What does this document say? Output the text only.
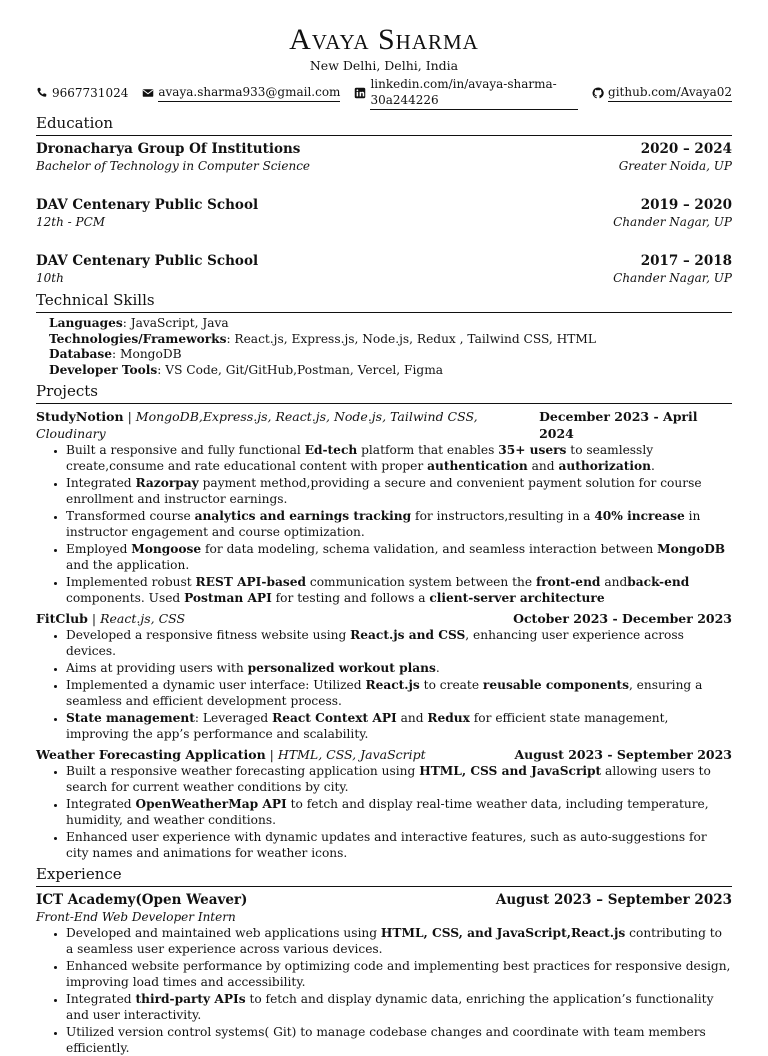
Avaya Sharma
New Delhi, Delhi, India
9667731024	avaya.sharma933@gmail.com
linkedin.com/in/avaya-sharma-30a244226
github.com/Avaya02
Education
Dronacharya Group Of Institutions	2020 – 2024
Bachelor of Technology in Computer Science	Greater Noida, UP
DAV Centenary Public School	2019 – 2020
12th - PCM	Chander Nagar, UP
DAV Centenary Public School	2017 – 2018
10th	Chander Nagar, UP
Technical Skills
Languages: JavaScript, Java
Technologies/Frameworks: React.js, Express.js, Node.js, Redux , Tailwind CSS, HTML
Database: MongoDB
Developer Tools: VS Code, Git/GitHub,Postman, Vercel, Figma
Projects
StudyNotion | MongoDB,Express.js, React.js, Node.js, Tailwind CSS, Cloudinary
December 2023 - April 2024
• Built a responsive and fully functional Ed-tech platform that enables 35+ users to seamlessly create,consume and rate educational content with proper authentication and authorization.
• Integrated Razorpay payment method,providing a secure and convenient payment solution for course enrollment and instructor earnings.
• Transformed course analytics and earnings tracking for instructors,resulting in a 40% increase in instructor engagement and course optimization.
• Employed Mongoose for data modeling, schema validation, and seamless interaction between MongoDB and the application.
• Implemented robust REST API-based communication system between the front-end andback-end components. Used Postman API for testing and follows a client-server architecture
FitClub | React.js, CSS	October 2023 - December 2023
• Developed a responsive fitness website using React.js and CSS, enhancing user experience across devices.
• Aims at providing users with personalized workout plans.
• Implemented a dynamic user interface: Utilized React.js to create reusable components, ensuring a seamless and efficient development process.
• State management: Leveraged React Context API and Redux for efficient state management, improving the app’s performance and scalability.
Weather Forecasting Application | HTML, CSS, JavaScript	August 2023 - September 2023
• Built a responsive weather forecasting application using HTML, CSS and JavaScript allowing users to search for current weather conditions by city.
• Integrated OpenWeatherMap API to fetch and display real-time weather data, including temperature, humidity, and weather conditions.
• Enhanced user experience with dynamic updates and interactive features, such as auto-suggestions for city names and animations for weather icons.
Experience
ICT Academy(Open Weaver)	August 2023 – September 2023
Front-End Web Developer Intern
• Developed and maintained web applications using HTML, CSS, and JavaScript,React.js contributing to a seamless user experience across various devices.
• Enhanced website performance by optimizing code and implementing best practices for responsive design, improving load times and accessibility.
• Integrated third-party APIs to fetch and display dynamic data, enriching the application’s functionality and user interactivity.
• Utilized version control systems( Git) to manage codebase changes and coordinate with team members efficiently.
